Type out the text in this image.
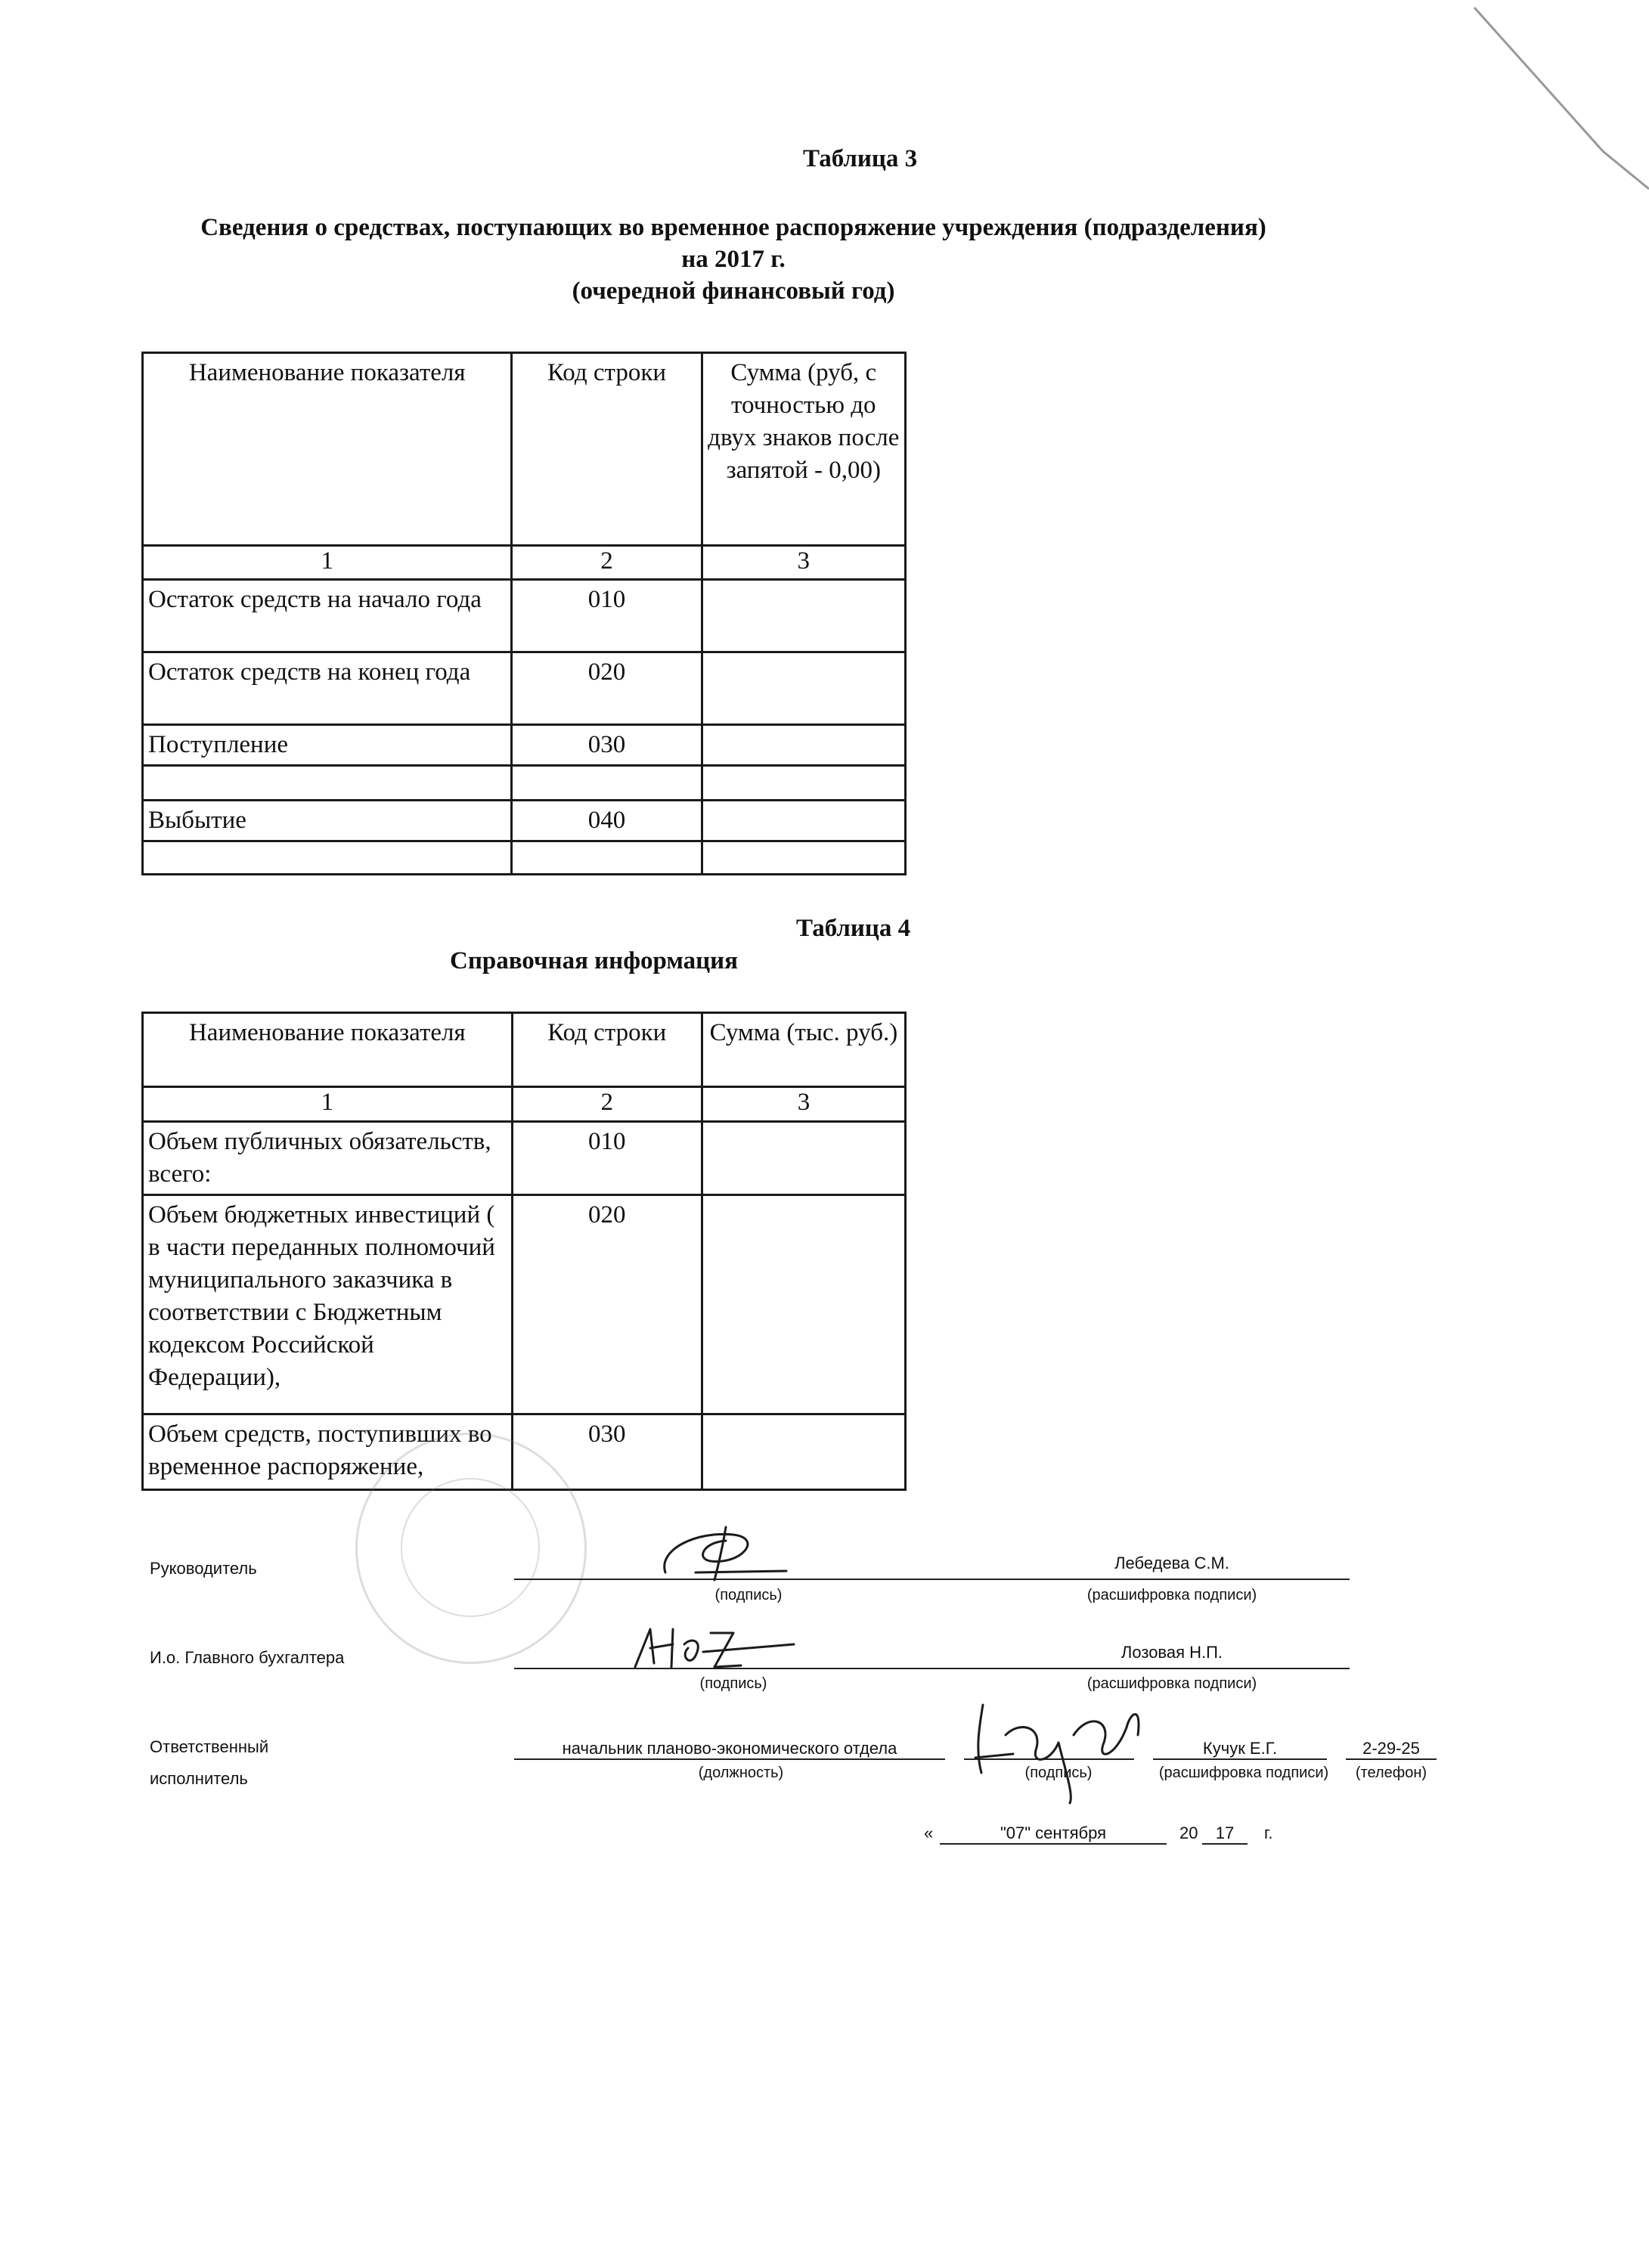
Таблица 3
Сведения о средствах, поступающих во временное распоряжение учреждения (подразделения)
на 2017 г.
(очередной финансовый год)
Наименование показателя	Код строки	Сумма (руб, с точностью до двух знаков после запятой - 0,00)
1	2	3
Остаток средств на начало года	010	
Остаток средств на конец года	020	
Поступление	030	

Выбытие	040	

Таблица 4
Справочная информация
Наименование показателя	Код строки	Сумма (тыс. руб.)
1	2	3
Объем публичных обязательств, всего:	010	
Объем бюджетных инвестиций ( в части переданных полномочий муниципального заказчика в соответствии с Бюджетным кодексом Российской Федерации),	020	
Объем средств, поступивших во временное распоряжение,	030	
Руководитель	Лебедева С.М.
(подпись)	(расшифровка подписи)
И.о. Главного бухгалтера	Лозовая Н.П.
(подпись)	(расшифровка подписи)
Ответственный
исполнитель
начальник планово-экономического отдела
(должность)	(подпись)
Кучук Е.Г.
(расшифровка подписи)
2-29-25
(телефон)
«	"07" сентября	20	17	г.
